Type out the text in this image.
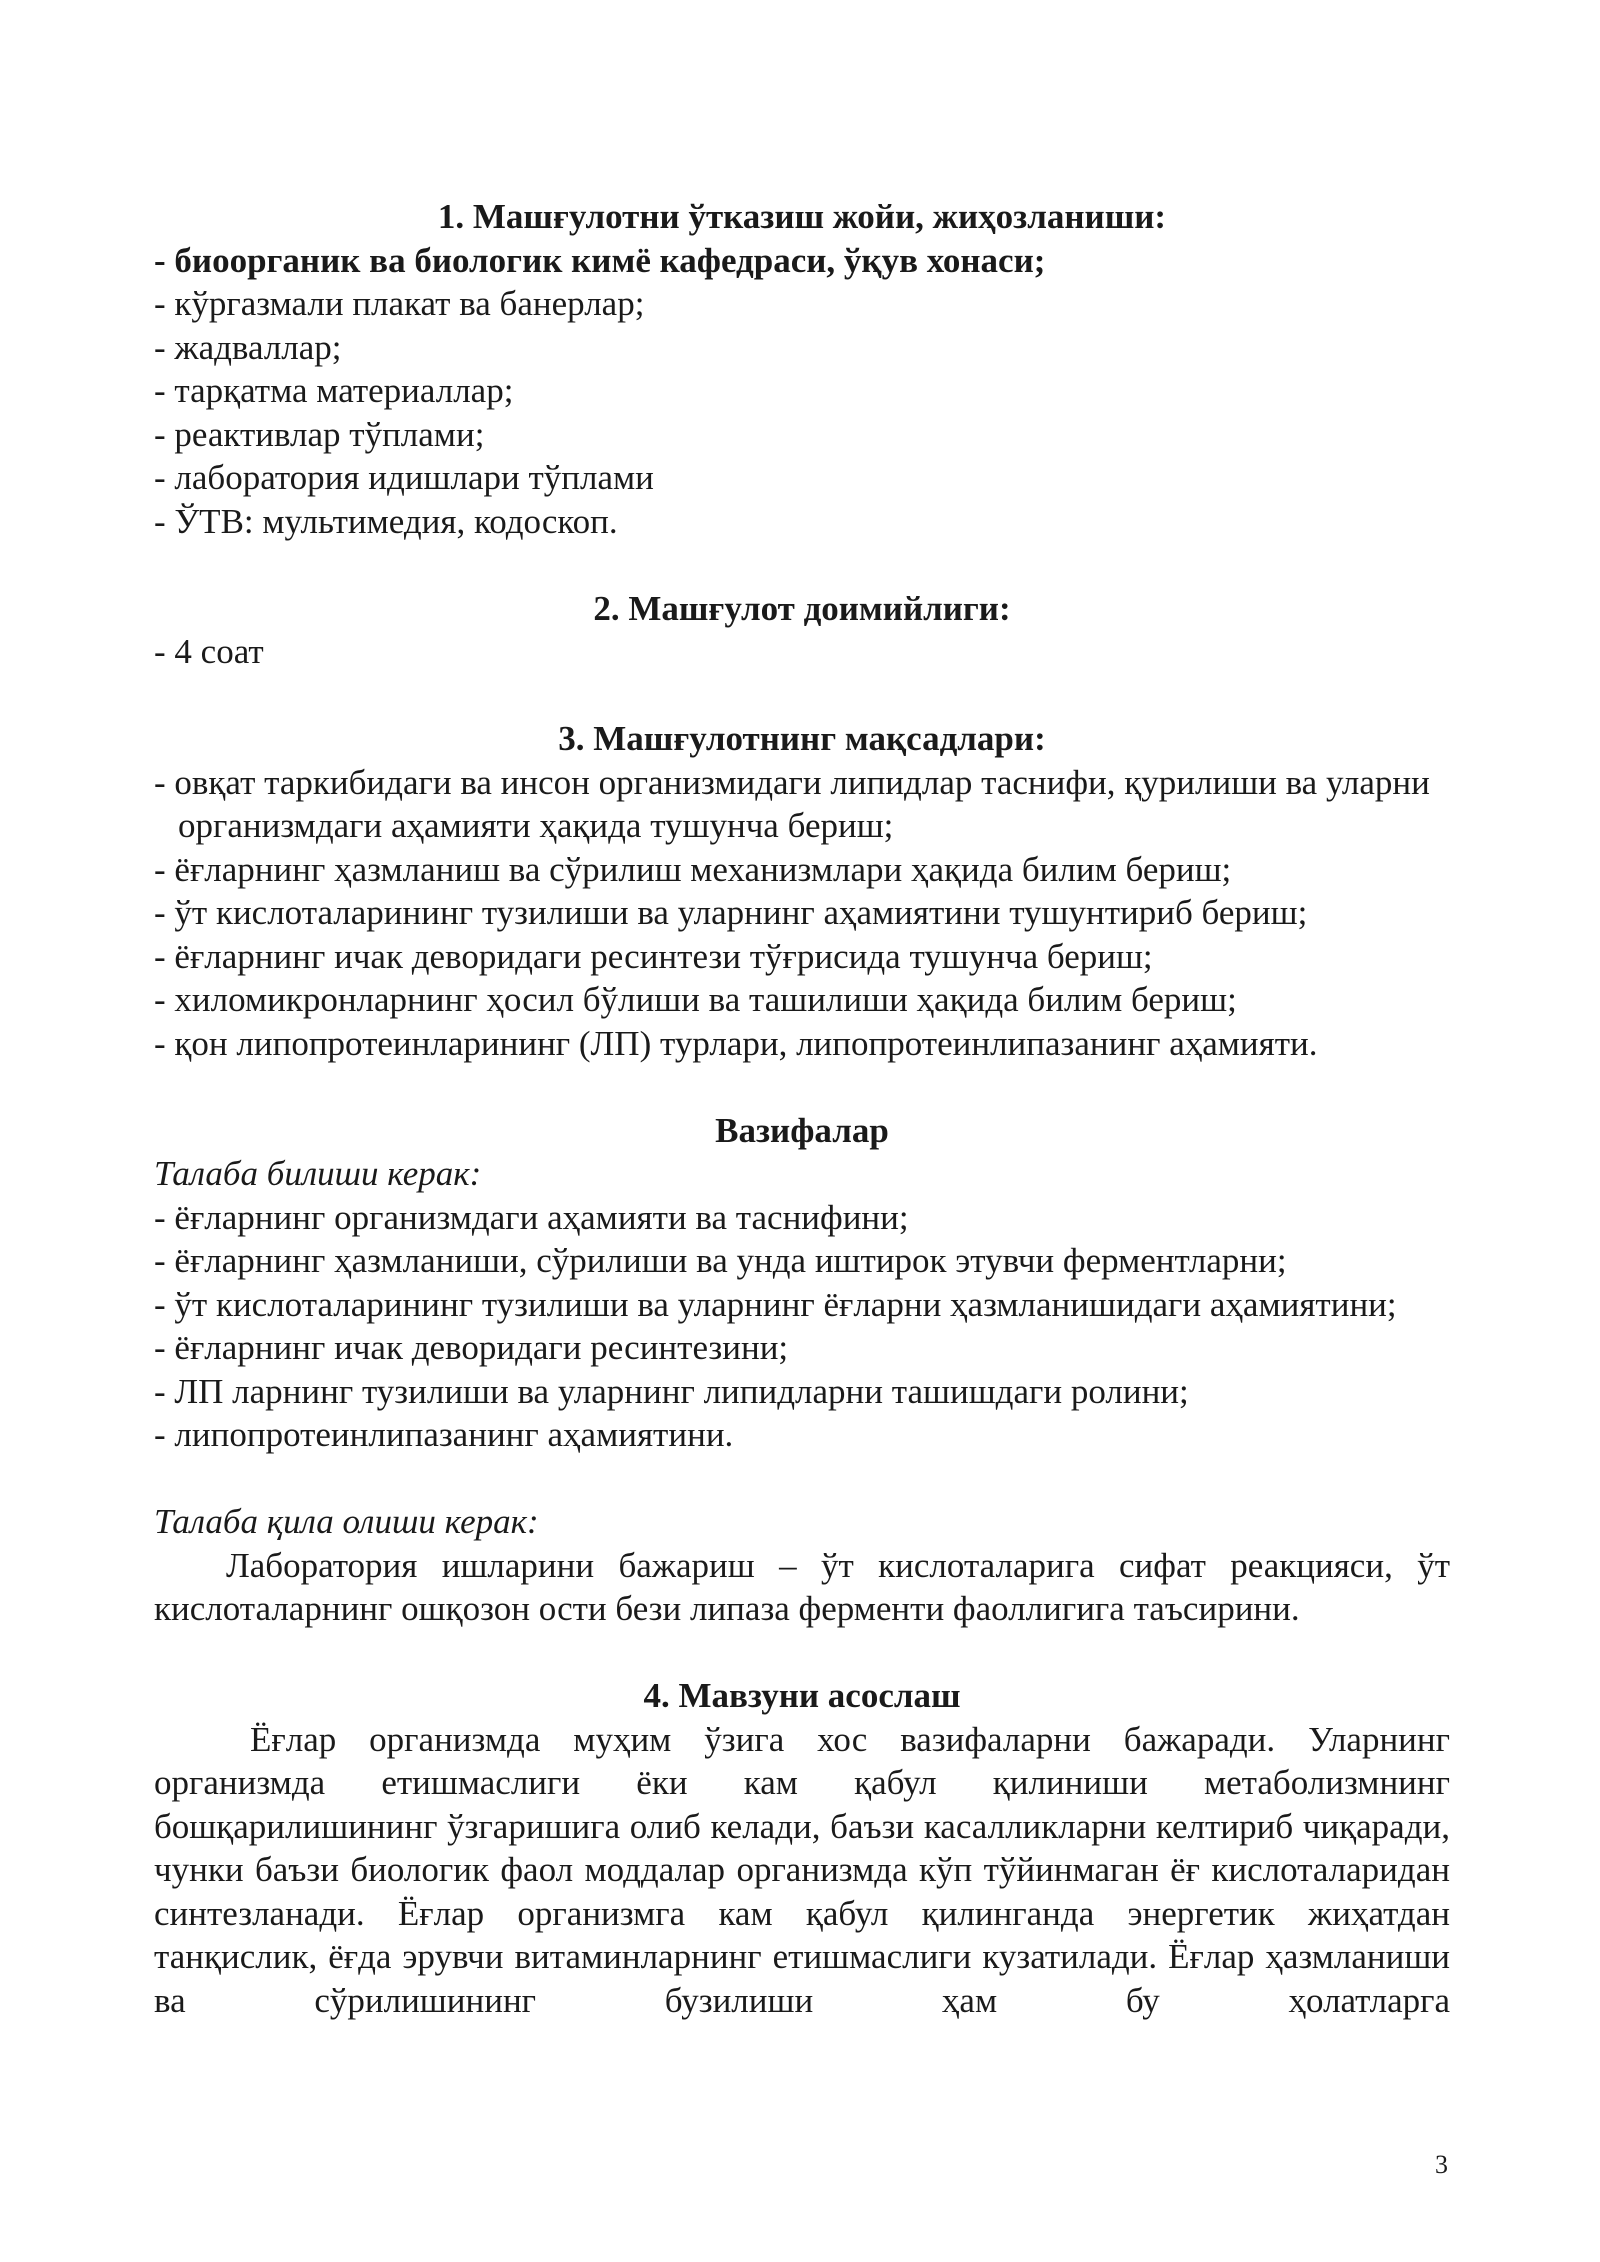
1. Машғулотни ўтказиш жойи, жиҳозланиши:

- биоорганик ва биологик кимё кафедраси, ўқув хонаси;

- кўргазмали плакат ва банерлар;

- жадваллар;

- тарқатма материаллар;

- реактивлар тўплами;

- лаборатория идишлари тўплами

- ЎТВ: мультимедия, кодоскоп.

2. Машғулот доимийлиги:

- 4 соат

3. Машғулотнинг мақсадлари:

- овқат таркибидаги ва инсон организмидаги липидлар таснифи, қурилиши ва уларни организмдаги аҳамияти ҳақида тушунча бериш;

- ёғларнинг ҳазмланиш ва сўрилиш механизмлари ҳақида билим бериш;

- ўт кислоталарининг тузилиши ва уларнинг аҳамиятини тушунтириб бериш;

- ёғларнинг ичак деворидаги ресинтези тўғрисида тушунча бериш;

- хиломикронларнинг ҳосил бўлиши ва ташилиши ҳақида билим бериш;

- қон липопротеинларининг (ЛП) турлари, липопротеинлипазанинг аҳамияти.

Вазифалар

Талаба билиши керак:

- ёғларнинг организмдаги аҳамияти ва таснифини;

- ёғларнинг ҳазмланиши, сўрилиши ва унда иштирок этувчи ферментларни;

- ўт кислоталарининг тузилиши ва уларнинг ёғларни ҳазмланишидаги аҳамиятини;

- ёғларнинг ичак деворидаги ресинтезини;

- ЛП ларнинг тузилиши ва уларнинг липидларни ташишдаги ролини;

- липопротеинлипазанинг аҳамиятини.

Талаба қила олиши керак:

Лаборатория ишларини бажариш – ўт кислоталарига сифат реакцияси, ўт кислоталарнинг ошқозон ости бези липаза ферменти фаоллигига таъсирини.

4. Мавзуни асослаш

Ёғлар организмда муҳим ўзига хос вазифаларни бажаради. Уларнинг организмда етишмаслиги ёки кам қабул қилиниши метаболизмнинг бошқарилишининг ўзгаришига олиб келади, баъзи касалликларни келтириб чиқаради, чунки баъзи биологик фаол моддалар организмда кўп тўйинмаган ёғ кислоталаридан синтезланади. Ёғлар организмга кам қабул қилинганда энергетик жиҳатдан танқислик, ёғда эрувчи витаминларнинг етишмаслиги кузатилади. Ёғлар ҳазмланиши ва сўрилишининг бузилиши ҳам бу ҳолатларга

3
